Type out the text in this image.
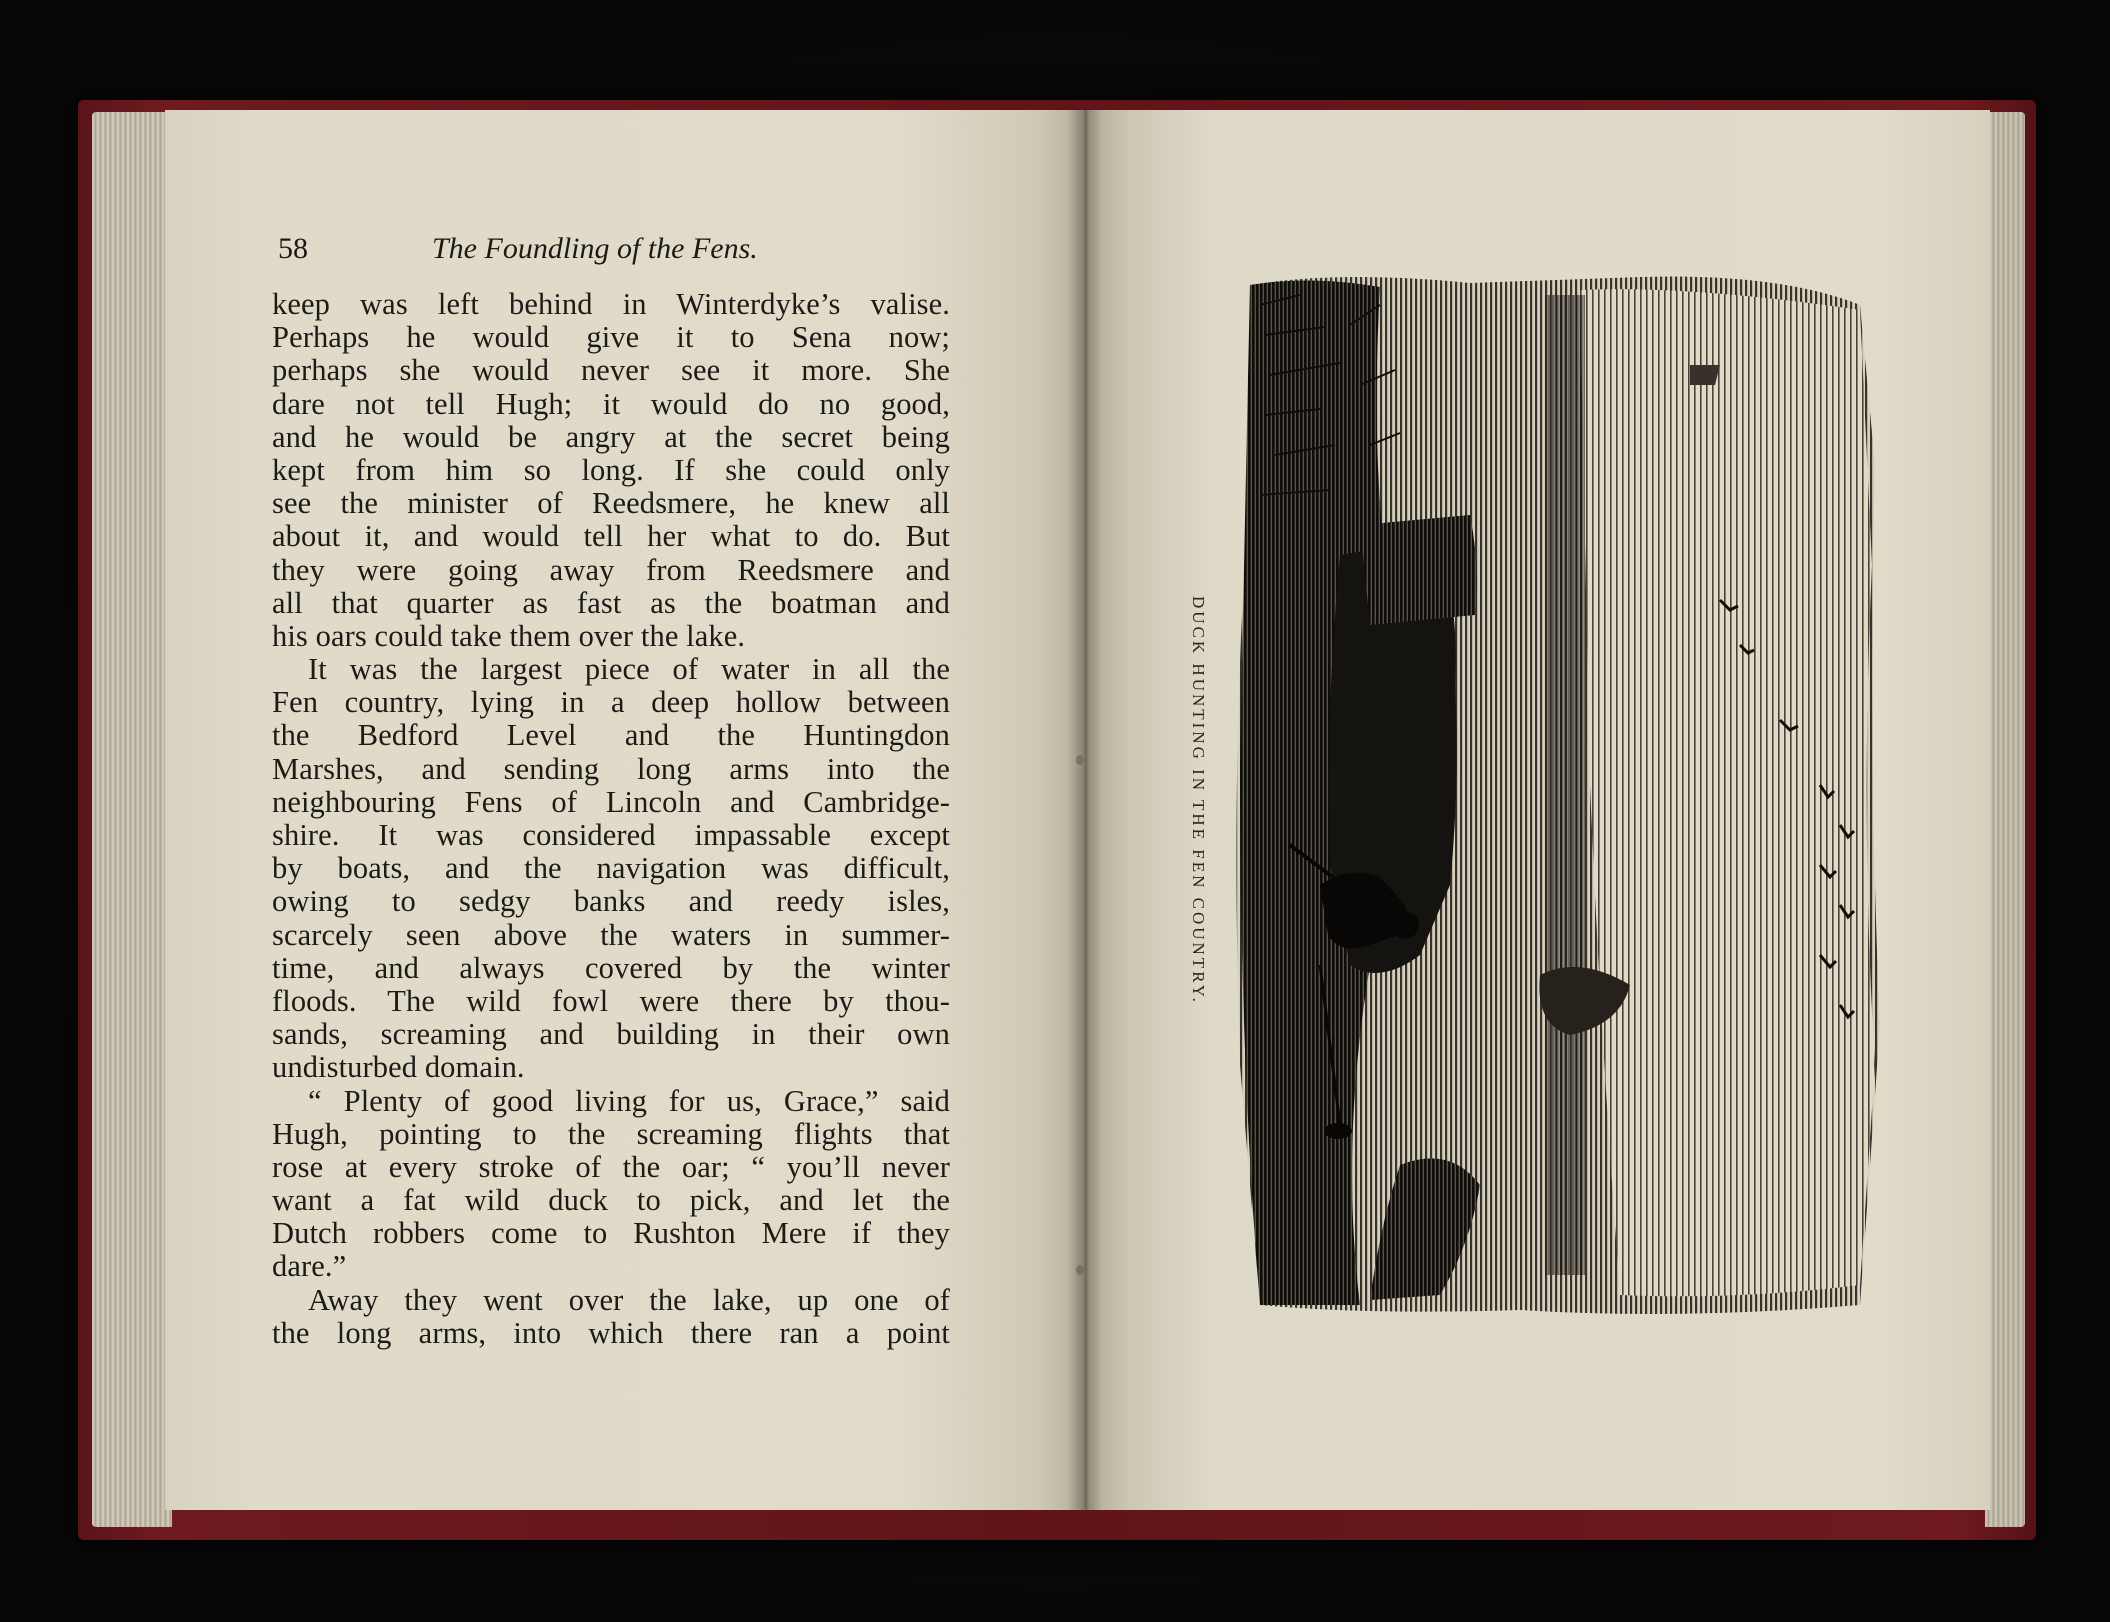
58	The Foundling of the Fens.
keep was left behind in Winterdyke’s valise.
Perhaps he would give it to Sena now;
perhaps she would never see it more. She
dare not tell Hugh; it would do no good,
and he would be angry at the secret being
kept from him so long. If she could only
see the minister of Reedsmere, he knew all
about it, and would tell her what to do. But
they were going away from Reedsmere and
all that quarter as fast as the boatman and
his oars could take them over the lake.
It was the largest piece of water in all the
Fen country, lying in a deep hollow between
the Bedford Level and the Huntingdon
Marshes, and sending long arms into the
neighbouring Fens of Lincoln and Cambridge-
shire. It was considered impassable except
by boats, and the navigation was difficult,
owing to sedgy banks and reedy isles,
scarcely seen above the waters in summer-
time, and always covered by the winter
floods. The wild fowl were there by thou-
sands, screaming and building in their own
undisturbed domain.
“ Plenty of good living for us, Grace,” said
Hugh, pointing to the screaming flights that
rose at every stroke of the oar; “ you’ll never
want a fat wild duck to pick, and let the
Dutch robbers come to Rushton Mere if they
dare.”
Away they went over the lake, up one of
the long arms, into which there ran a point
DUCK HUNTING IN THE FEN COUNTRY.
